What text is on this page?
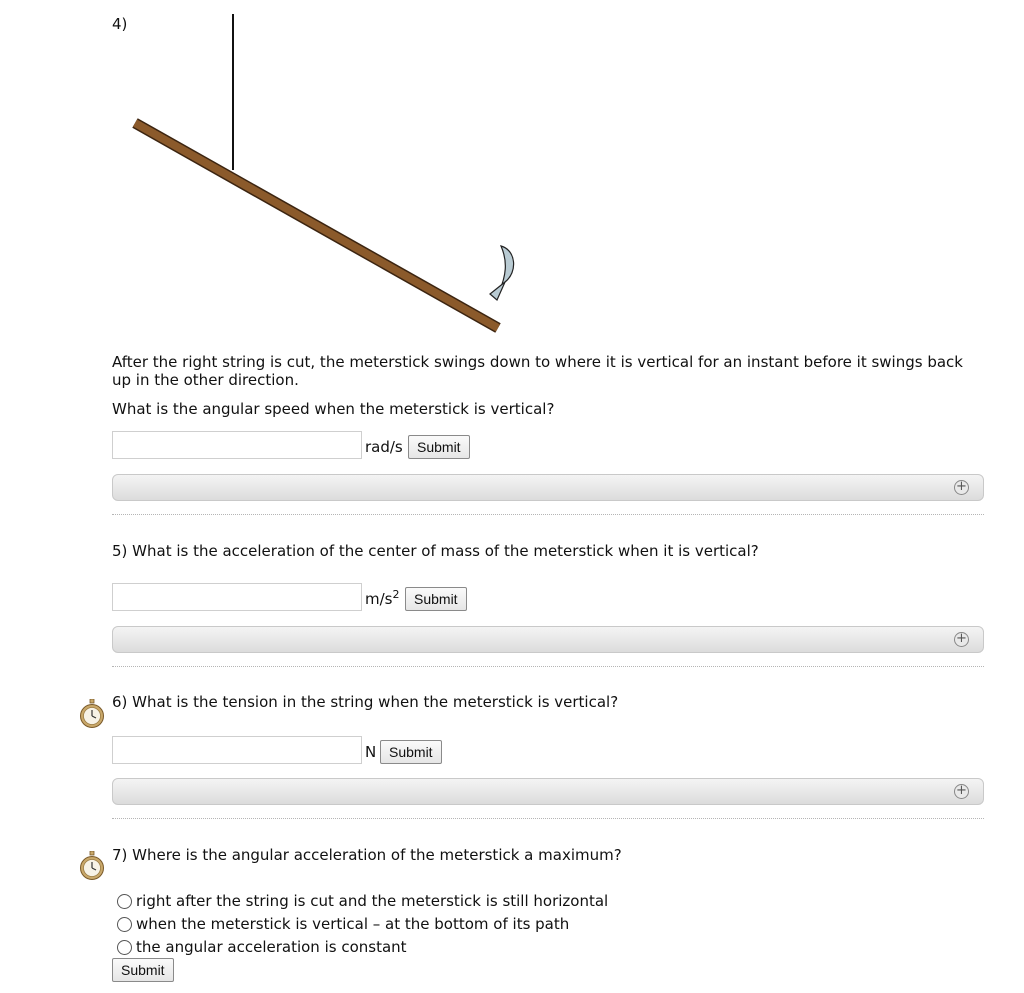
4)
After the right string is cut, the meterstick swings down to where it is vertical for an instant before it swings back up in the other direction.
What is the angular speed when the meterstick is vertical?
rad/s	Submit
+
5) What is the acceleration of the center of mass of the meterstick when it is vertical?
$m/s^2$	Submit
+
6) What is the tension in the string when the meterstick is vertical?
N Submit
+
7) Where is the angular acceleration of the meterstick a maximum?
right after the string is cut and the meterstick is still horizontal
when the meterstick is vertical – at the bottom of its path
the angular acceleration is constant
Submit
